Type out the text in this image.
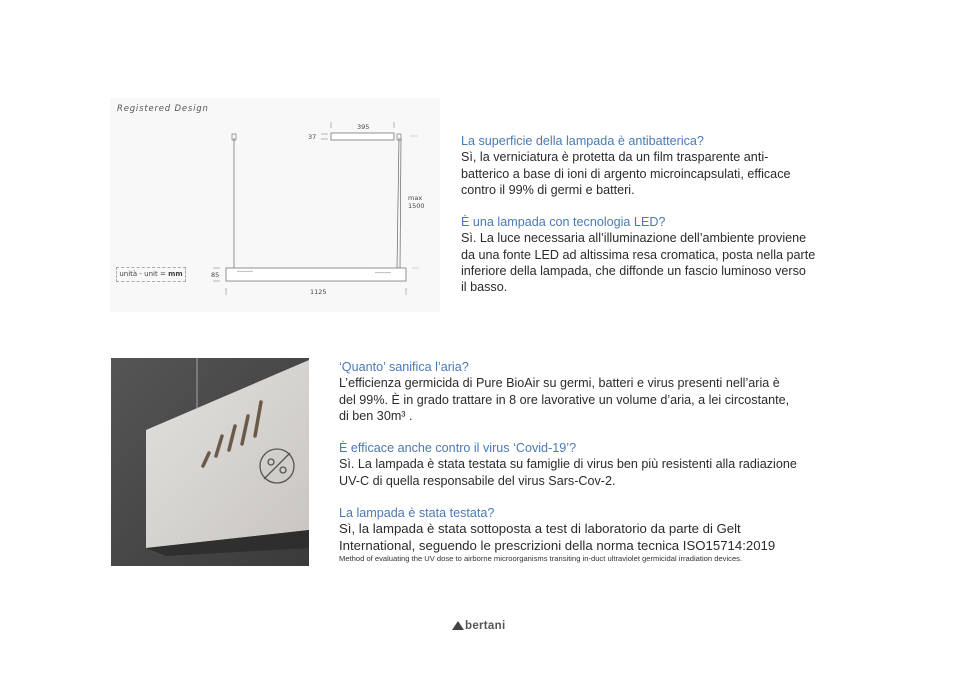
Registered Design
395
37
max
1500
85
1125
unità - unit = mm
La superficie della lampada è antibatterica?
Sì, la verniciatura è protetta da un film trasparente anti-
batterico a base di ioni di argento microincapsulati, efficace
contro il 99% di germi e batteri.
È una lampada con tecnologia LED?
Sì. La luce necessaria all’illuminazione dell’ambiente proviene
da una fonte LED ad altissima resa cromatica, posta nella parte
inferiore della lampada, che diffonde un fascio luminoso verso
il basso.
‘Quanto’ sanifica l’aria?
L’efficienza germicida di Pure BioAir su germi, batteri e virus presenti nell’aria è
del 99%. È in grado trattare in 8 ore lavorative un volume d’aria, a lei circostante,
di ben 30m³ .
È efficace anche contro il virus ‘Covid-19’?
Sì. La lampada è stata testata su famiglie di virus ben più resistenti alla radiazione
UV-C di quella responsabile del virus Sars-Cov-2.
La lampada è stata testata?
Sì, la lampada è stata sottoposta a test di laboratorio da parte di Gelt
International, seguendo le prescrizioni della norma tecnica ISO15714:2019
Method of evaluating the UV dose to airborne microorganisms transiting in-duct ultraviolet germicidal irradiation devices.
bertani
